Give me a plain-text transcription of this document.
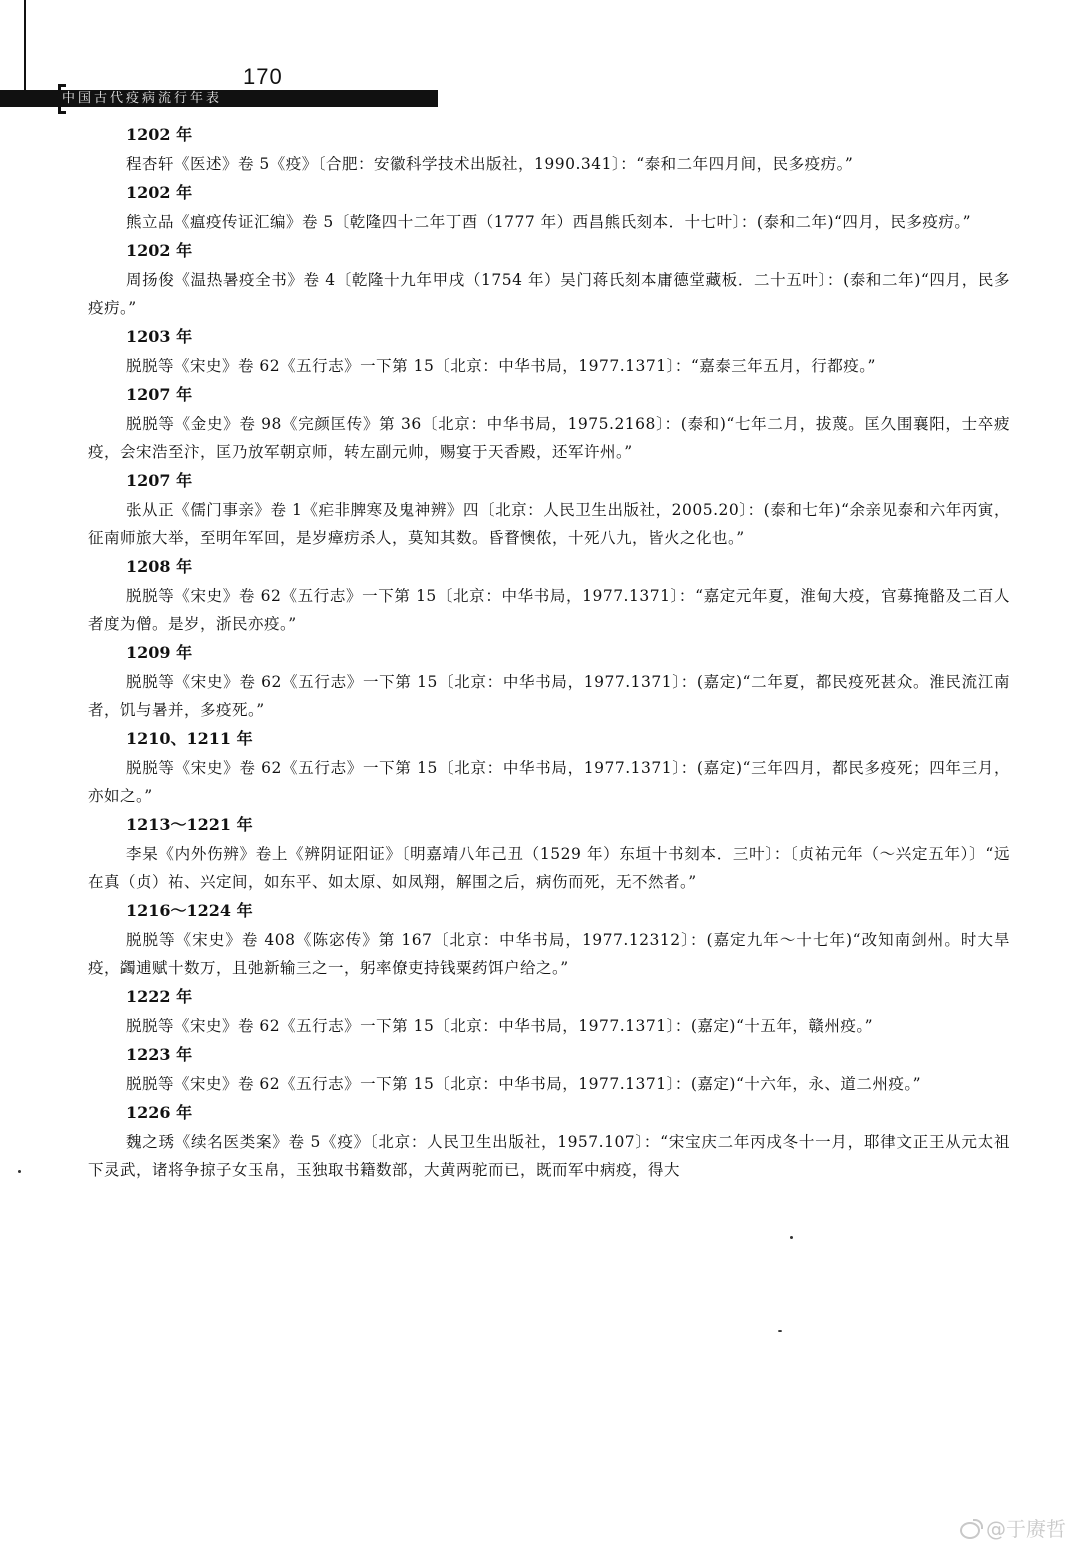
170
中国古代疫病流行年表
1202 年

程杏轩《医述》卷 5《疫》〔合肥：安徽科学技术出版社，1990.341〕：“泰和二年四月间，民多疫疠。”

1202 年

熊立品《瘟疫传证汇编》卷 5〔乾隆四十二年丁酉（1777 年）西昌熊氏刻本．十七叶〕：(泰和二年)“四月，民多疫疠。”

1202 年

周扬俊《温热暑疫全书》卷 4〔乾隆十九年甲戌（1754 年）吴门蒋氏刻本庸德堂藏板．二十五叶〕：(泰和二年)“四月，民多疫疠。”

1203 年

脱脱等《宋史》卷 62《五行志》一下第 15〔北京：中华书局，1977.1371〕：“嘉泰三年五月，行都疫。”

1207 年

脱脱等《金史》卷 98《完颜匡传》第 36〔北京：中华书局，1975.2168〕：(泰和)“七年二月，拔蔑。匡久围襄阳，士卒疲疫，会宋浩至汴，匡乃放军朝京师，转左副元帅，赐宴于天香殿，还军许州。”

1207 年

张从正《儒门事亲》卷 1《疟非脾寒及鬼神辨》四〔北京：人民卫生出版社，2005.20〕：(泰和七年)“余亲见泰和六年丙寅，征南师旅大举，至明年军回，是岁瘴疠杀人，莫知其数。昏瞀懊侬，十死八九，皆火之化也。”

1208 年

脱脱等《宋史》卷 62《五行志》一下第 15〔北京：中华书局，1977.1371〕：“嘉定元年夏，淮甸大疫，官募掩骼及二百人者度为僧。是岁，浙民亦疫。”

1209 年

脱脱等《宋史》卷 62《五行志》一下第 15〔北京：中华书局，1977.1371〕：(嘉定)“二年夏，都民疫死甚众。淮民流江南者，饥与暑并，多疫死。”

1210、1211 年

脱脱等《宋史》卷 62《五行志》一下第 15〔北京：中华书局，1977.1371〕：(嘉定)“三年四月，都民多疫死；四年三月，亦如之。”

1213～1221 年

李杲《内外伤辨》卷上《辨阴证阳证》〔明嘉靖八年己丑（1529 年）东垣十书刻本．三叶〕：〔贞祐元年（～兴定五年）〕“远在真（贞）祐、兴定间，如东平、如太原、如凤翔，解围之后，病伤而死，无不然者。”

1216～1224 年

脱脱等《宋史》卷 408《陈宓传》第 167〔北京：中华书局，1977.12312〕：(嘉定九年～十七年)“改知南剑州。时大旱疫，蠲逋赋十数万，且弛新输三之一，躬率僚吏持钱粟药饵户给之。”

1222 年

脱脱等《宋史》卷 62《五行志》一下第 15〔北京：中华书局，1977.1371〕：(嘉定)“十五年，赣州疫。”

1223 年

脱脱等《宋史》卷 62《五行志》一下第 15〔北京：中华书局，1977.1371〕：(嘉定)“十六年，永、道二州疫。”

1226 年

魏之琇《续名医类案》卷 5《疫》〔北京：人民卫生出版社，1957.107〕：“宋宝庆二年丙戌冬十一月，耶律文正王从元太祖下灵武，诸将争掠子女玉帛，玉独取书籍数部，大黄两驼而已，既而军中病疫，得大

@于赓哲
